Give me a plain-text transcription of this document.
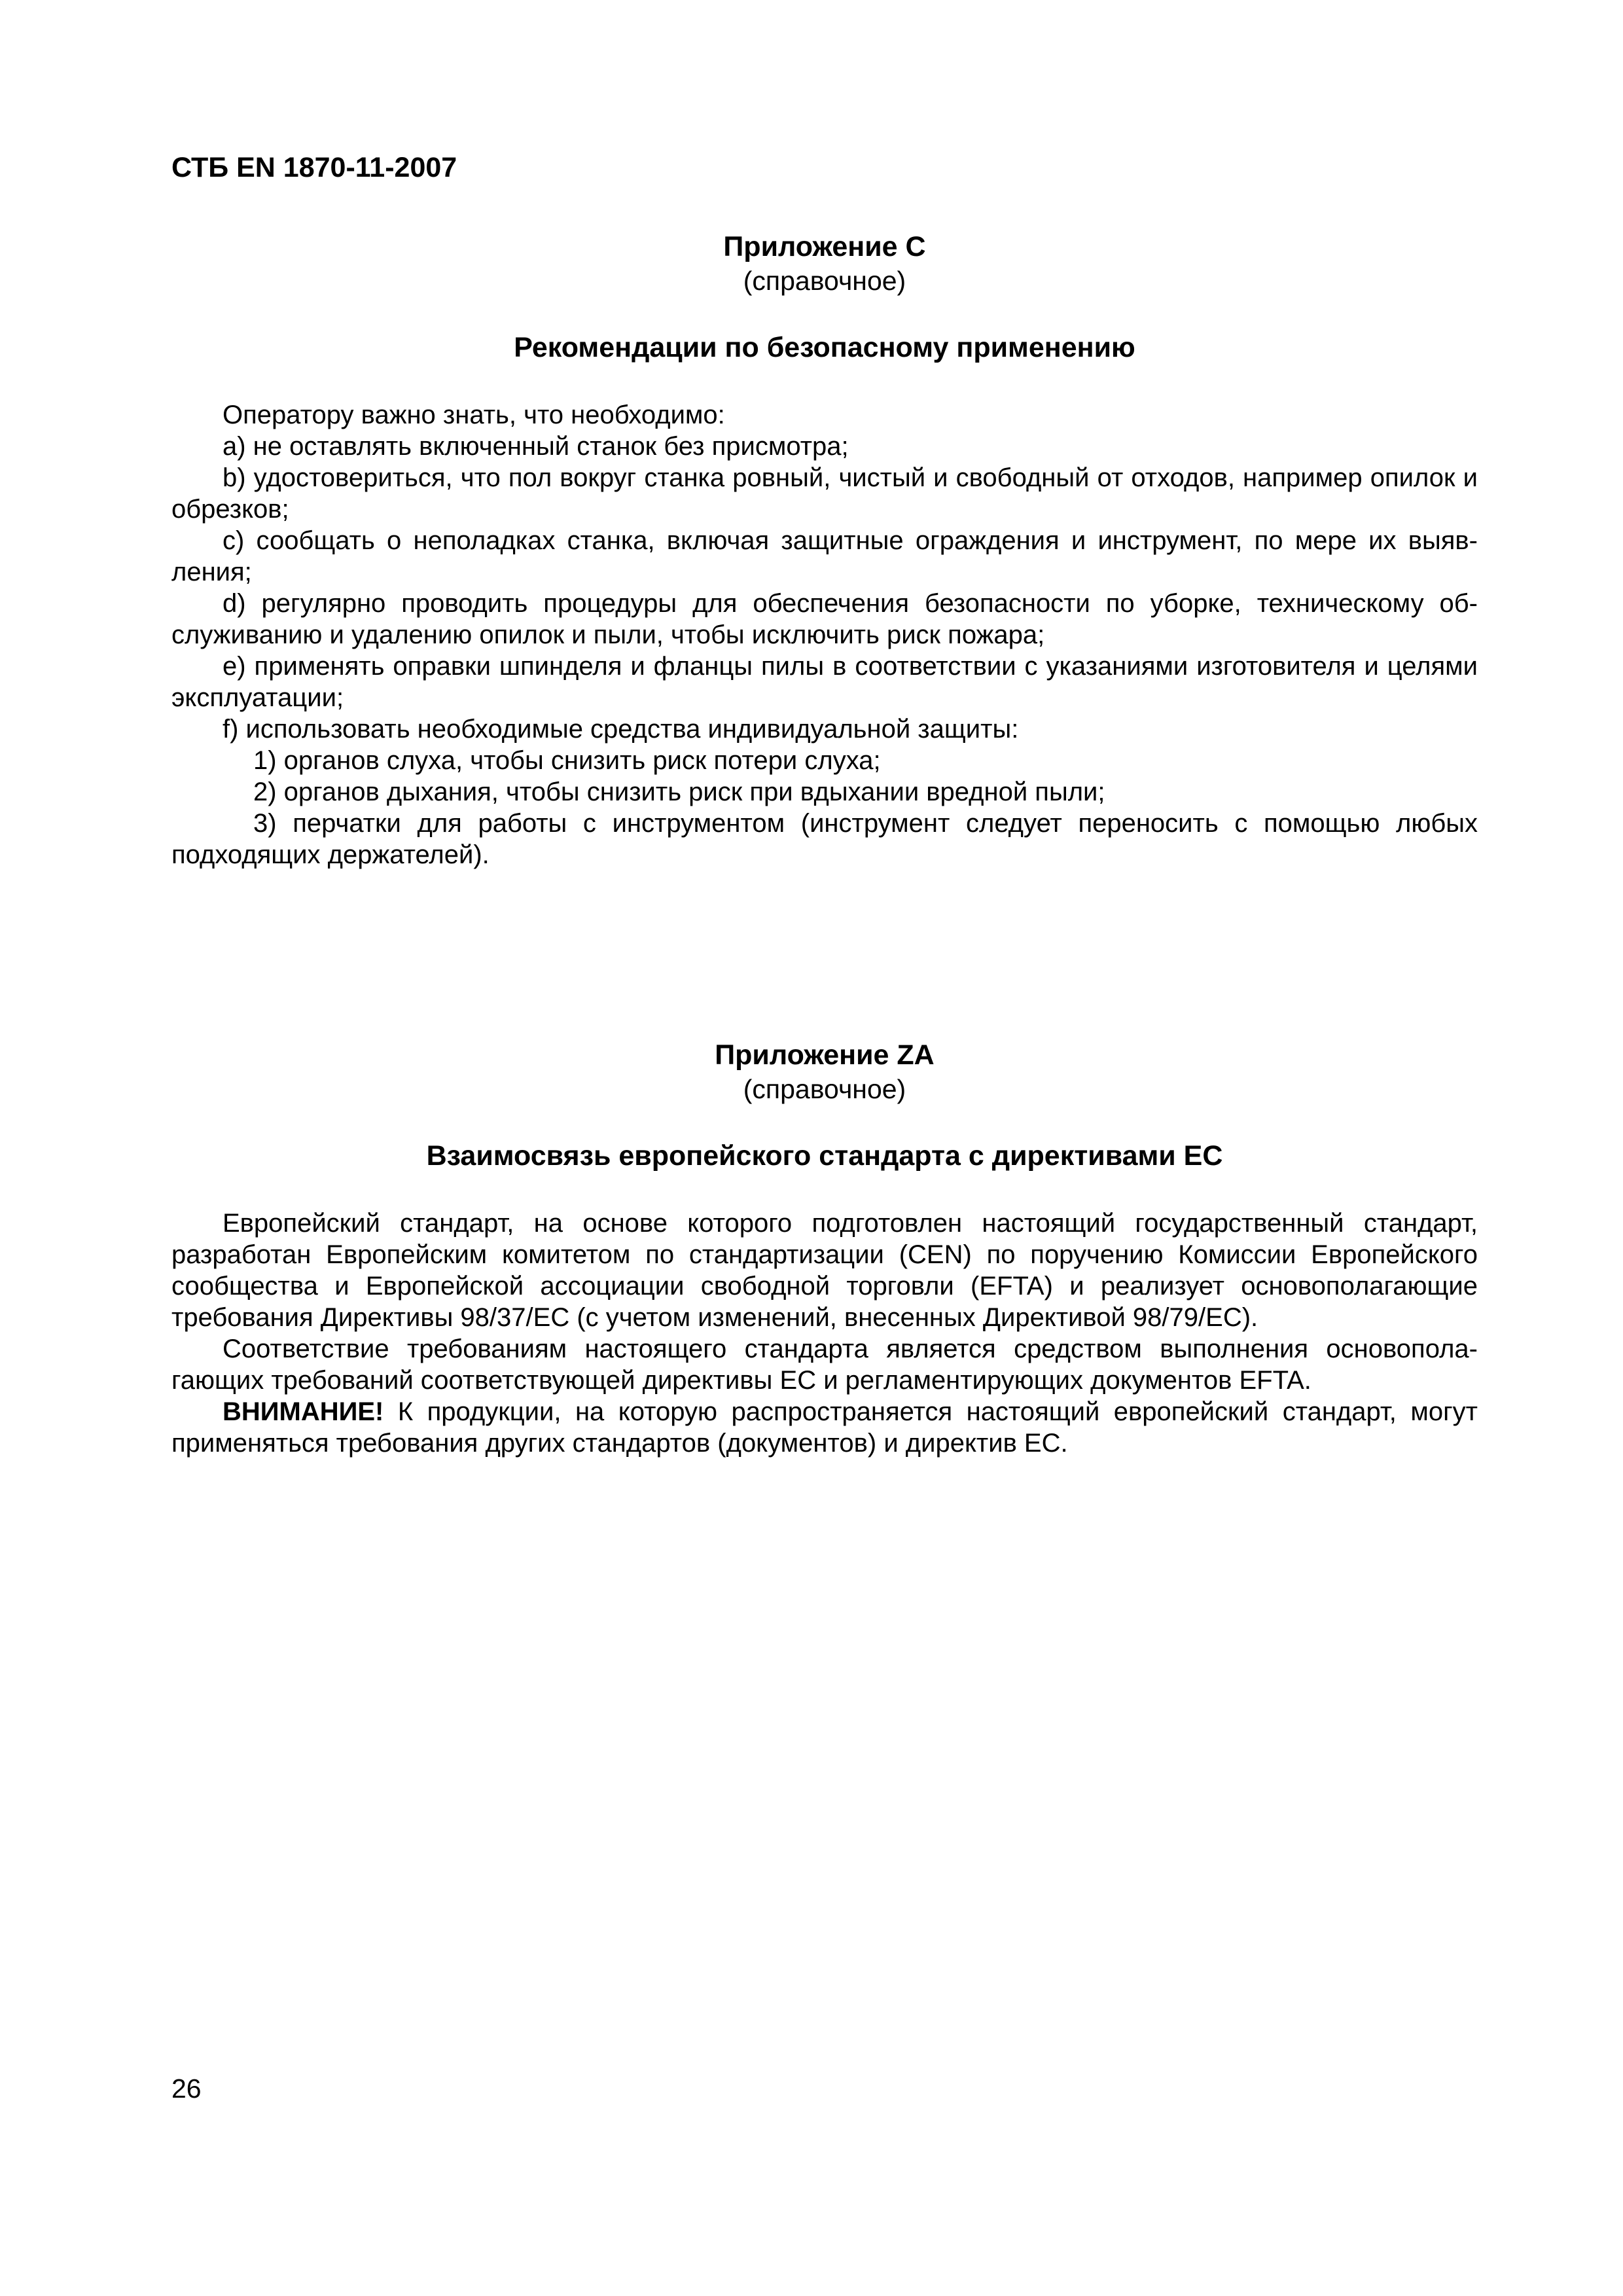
СТБ EN 1870-11-2007

Приложение С

(справочное)

Рекомендации по безопасному применению

Оператору важно знать, что необходимо:

а) не оставлять включенный станок без присмотра;

b) удостовериться, что пол вокруг станка ровный, чистый и свободный от отходов, например опилок и обрезков;

с) сообщать о неполадках станка, включая защитные ограждения и инструмент, по мере их выявления;

d) регулярно проводить процедуры для обеспечения безопасности по уборке, техническому обслуживанию и удалению опилок и пыли, чтобы исключить риск пожара;

е) применять оправки шпинделя и фланцы пилы в соответствии с указаниями изготовителя и целями эксплуатации;

f) использовать необходимые средства индивидуальной защиты:

1) органов слуха, чтобы снизить риск потери слуха;

2) органов дыхания, чтобы снизить риск при вдыхании вредной пыли;

3) перчатки для работы с инструментом (инструмент следует переносить с помощью любых подходящих держателей).

Приложение ZA

(справочное)

Взаимосвязь европейского стандарта с директивами ЕС

Европейский стандарт, на основе которого подготовлен настоящий государственный стандарт, разработан Европейским комитетом по стандартизации (CEN) по поручению Комиссии Европейского сообщества и Европейской ассоциации свободной торговли (EFTA) и реализует основополагающие требования Директивы 98/37/ЕС (с учетом изменений, внесенных Директивой 98/79/ЕС).

Соответствие требованиям настоящего стандарта является средством выполнения основополагающих требований соответствующей директивы ЕС и регламентирующих документов EFTA.

ВНИМАНИЕ! К продукции, на которую распространяется настоящий европейский стандарт, могут применяться требования других стандартов (документов) и директив ЕС.

26
